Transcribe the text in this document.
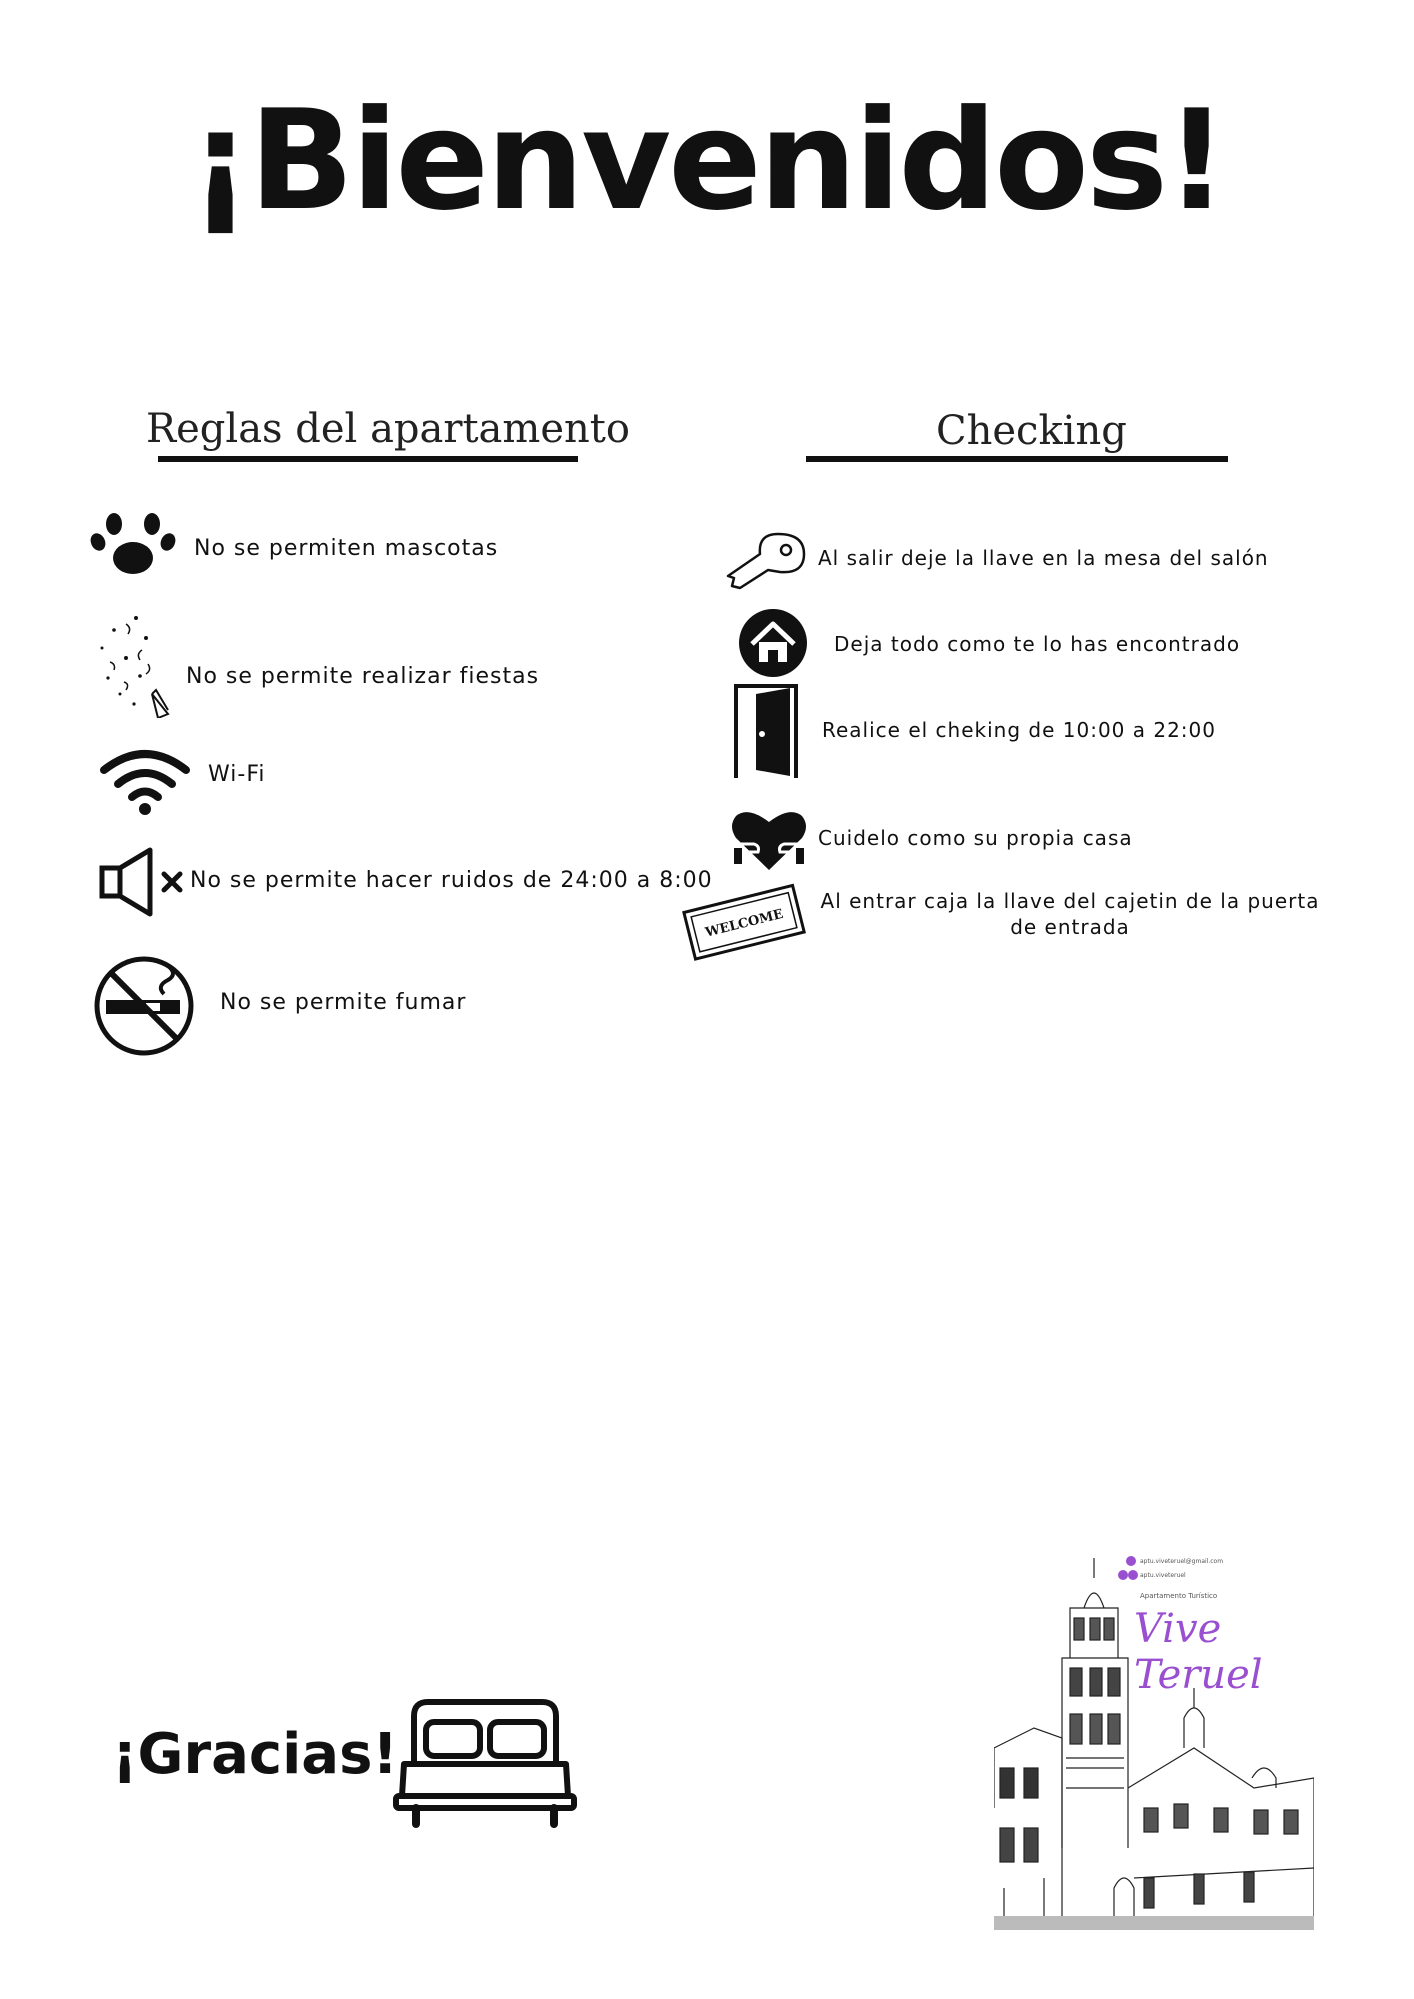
¡Bienvenidos!
Reglas del apartamento
No se permiten mascotas
No se permite realizar fiestas
Wi-Fi
No se permite hacer ruidos de 24:00 a 8:00
No se permite fumar
Checking
Al salir deje la llave en la mesa del salón
Deja todo como te lo has encontrado
Realice el cheking de 10:00 a 22:00
Cuidelo como su propia casa
WELCOME
Al entrar caja la llave del cajetin de la puerta de entrada
¡Gracias!
aptu.viveteruel@gmail.com
aptu.viveteruel
Apartamento Turístico
Vive Teruel
